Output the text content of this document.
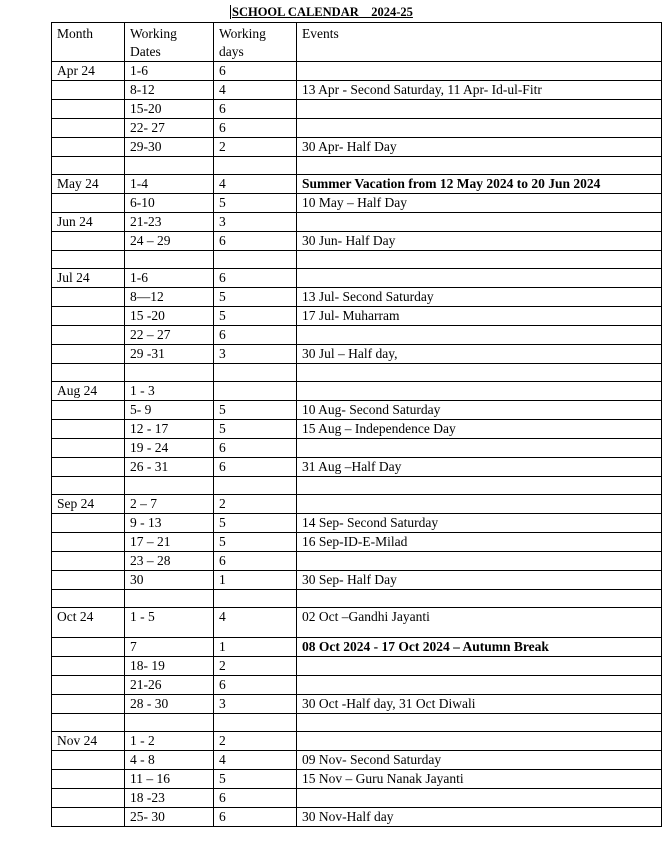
SCHOOL CALENDAR    2024-25
Month	Working Dates	Working days	Events
Apr 24	1-6	6	
	8-12	4	13 Apr - Second Saturday, 11 Apr- Id-ul-Fitr
	15-20	6	
	22- 27	6	
	29-30	2	30 Apr- Half Day

May 24	1-4	4	Summer Vacation from 12 May 2024 to 20 Jun 2024
	6-10	5	10 May – Half Day
Jun 24	21-23	3	
	24 – 29	6	30 Jun- Half Day

Jul 24	1-6	6	
	8—12	5	13 Jul- Second Saturday
	15 -20	5	17 Jul- Muharram
	22 – 27	6	
	29 -31	3	30 Jul – Half day,

Aug 24	1 - 3		
	5- 9	5	10 Aug- Second Saturday
	12 - 17	5	15 Aug – Independence Day
	19 - 24	6	
	26 - 31	6	31 Aug –Half Day

Sep 24	2 – 7	2	
	9 - 13	5	14 Sep- Second Saturday
	17 – 21	5	16 Sep-ID-E-Milad
	23 – 28	6	
	30	1	30 Sep- Half Day

Oct 24	1 - 5	4	02 Oct –Gandhi Jayanti
	7	1	08 Oct 2024 - 17 Oct 2024 – Autumn Break
	18- 19	2	
	21-26	6	
	28 - 30	3	30 Oct -Half day, 31 Oct Diwali

Nov 24	1 - 2	2	
	4 - 8	4	09 Nov- Second Saturday
	11 – 16	5	15 Nov – Guru Nanak Jayanti
	18 -23	6	
	25- 30	6	30 Nov-Half day
